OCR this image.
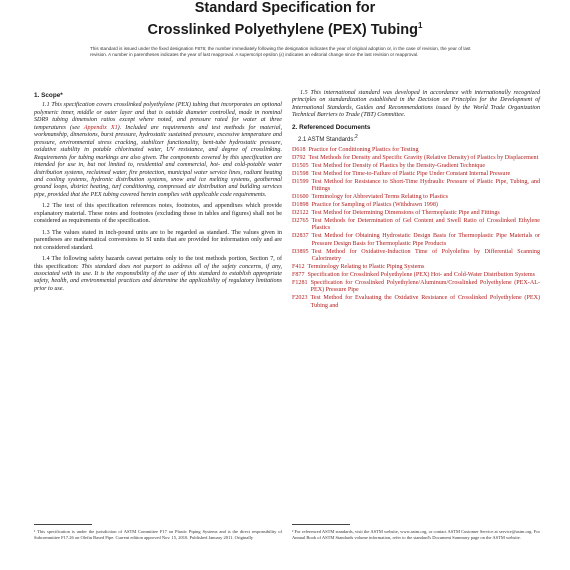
Standard Specification for
Crosslinked Polyethylene (PEX) Tubing$^1$
This standard is issued under the fixed designation F876; the number immediately following the designation indicates the year of original adoption or, in the case of revision, the year of last revision. A number in parentheses indicates the year of last reapproval. A superscript epsilon (ε) indicates an editorial change since the last revision or reapproval.
1. Scope*
1.1 This specification covers crosslinked polyethylene (PEX) tubing that incorporates an optional polymeric inner, middle or outer layer and that is outside diameter controlled, made in nominal SDR9 tubing dimension ratios except where noted, and pressure rated for water at three temperatures (see Appendix X1). Included are requirements and test methods for material, workmanship, dimensions, burst pressure, hydrostatic sustained pressure, excessive temperature and pressure, environmental stress cracking, stabilizer functionality, bent-tube hydrostatic pressure, oxidative stability in potable chlorinated water, UV resistance, and degree of crosslinking. Requirements for tubing markings are also given. The components covered by this specification are intended for use in, but not limited to, residential and commercial, hot- and cold-potable water distribution systems, reclaimed water, fire protection, municipal water service lines, radiant heating and cooling systems, hydronic distribution systems, snow and ice melting systems, geothermal ground loops, district heating, turf conditioning, compressed air distribution and building services pipe, provided that the PEX tubing covered herein complies with applicable code requirements.
1.2 The text of this specification references notes, footnotes, and appendixes which provide explanatory material. These notes and footnotes (excluding those in tables and figures) shall not be considered as requirements of the specification.
1.3 The values stated in inch-pound units are to be regarded as standard. The values given in parentheses are mathematical conversions to SI units that are provided for information only and are not considered standard.
1.4 The following safety hazards caveat pertains only to the test methods portion, Section 7, of this specification: This standard does not purport to address all of the safety concerns, if any, associated with its use. It is the responsibility of the user of this standard to establish appropriate safety, health, and environmental practices and determine the applicability of regulatory limitations prior to use.
1.5 This international standard was developed in accordance with internationally recognized principles on standardization established in the Decision on Principles for the Development of International Standards, Guides and Recommendations issued by the World Trade Organization Technical Barriers to Trade (TBT) Committee.
2. Referenced Documents
2.1 ASTM Standards:$^2$
D618 Practice for Conditioning Plastics for Testing
D792 Test Methods for Density and Specific Gravity (Relative Density) of Plastics by Displacement
D1505 Test Method for Density of Plastics by the Density-Gradient Technique
D1598 Test Method for Time-to-Failure of Plastic Pipe Under Constant Internal Pressure
D1599 Test Method for Resistance to Short-Time Hydraulic Pressure of Plastic Pipe, Tubing, and Fittings
D1600 Terminology for Abbreviated Terms Relating to Plastics
D1898 Practice for Sampling of Plastics (Withdrawn 1998)
D2122 Test Method for Determining Dimensions of Thermoplastic Pipe and Fittings
D2765 Test Methods for Determination of Gel Content and Swell Ratio of Crosslinked Ethylene Plastics
D2837 Test Method for Obtaining Hydrostatic Design Basis for Thermoplastic Pipe Materials or Pressure Design Basis for Thermoplastic Pipe Products
D3895 Test Method for Oxidative-Induction Time of Polyolefins by Differential Scanning Calorimetry
F412 Terminology Relating to Plastic Piping Systems
F877 Specification for Crosslinked Polyethylene (PEX) Hot- and Cold-Water Distribution Systems
F1281 Specification for Crosslinked Polyethylene/Aluminum/Crosslinked Polyethylene (PEX-AL-PEX) Pressure Pipe
F2023 Test Method for Evaluating the Oxidative Resistance of Crosslinked Polyethylene (PEX) Tubing and
¹ This specification is under the jurisdiction of ASTM Committee F17 on Plastic Piping Systems and is the direct responsibility of Subcommittee F17.26 on Olefin Based Pipe. Current edition approved Nov. 15, 2010. Published January 2011. Originally
² For referenced ASTM standards, visit the ASTM website, www.astm.org, or contact ASTM Customer Service at service@astm.org. For Annual Book of ASTM Standards volume information, refer to the standard's Document Summary page on the ASTM website.
